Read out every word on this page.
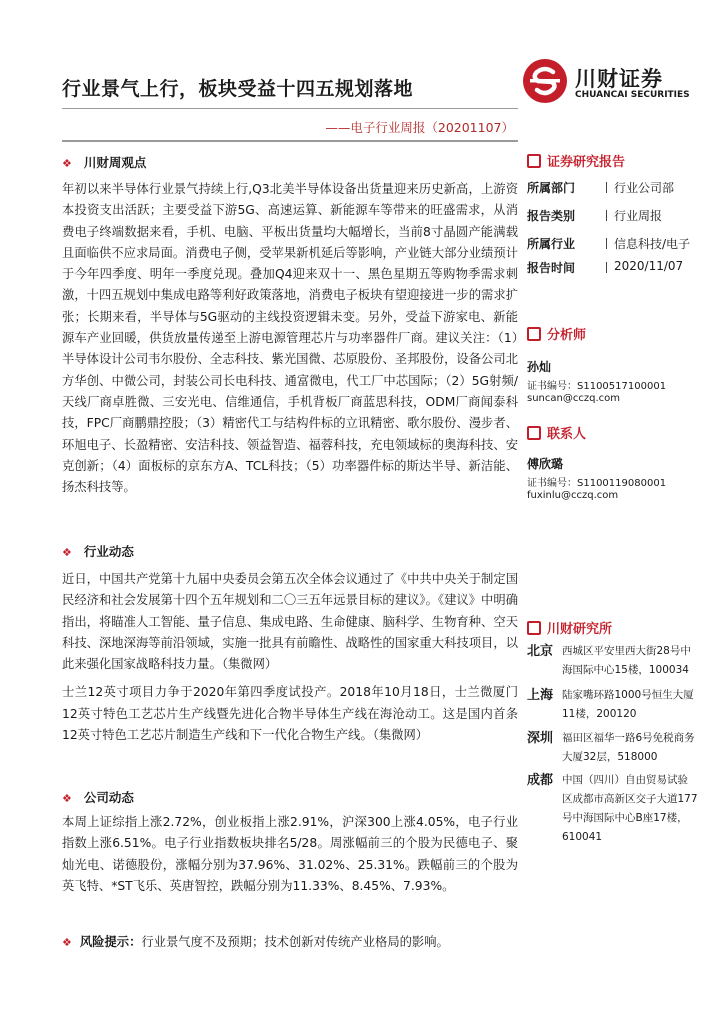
行业景气上行，板块受益十四五规划落地
——电子行业周报（20201107）
川财证券
CHUANCAI SECURITIES
❖ 川财周观点

年初以来半导体行业景气持续上行,Q3北美半导体设备出货量迎来历史新高，上游资本投资支出活跃；主要受益下游5G、高速运算、新能源车等带来的旺盛需求，从消费电子终端数据来看，手机、电脑、平板出货量均大幅增长，当前8寸晶圆产能满载且面临供不应求局面。消费电子侧，受苹果新机延后等影响，产业链大部分业绩预计于今年四季度、明年一季度兑现。叠加Q4迎来双十一、黑色星期五等购物季需求刺激，十四五规划中集成电路等利好政策落地，消费电子板块有望迎接进一步的需求扩张；长期来看，半导体与5G驱动的主线投资逻辑未变。另外，受益下游家电、新能源车产业回暖，供货放量传递至上游电源管理芯片与功率器件厂商。建议关注：（1）半导体设计公司韦尔股份、全志科技、紫光国微、芯原股份、圣邦股份，设备公司北方华创、中微公司，封装公司长电科技、通富微电，代工厂中芯国际；（2）5G射频/天线厂商卓胜微、三安光电、信维通信，手机背板厂商蓝思科技，ODM厂商闻泰科技，FPC厂商鹏鼎控股；（3）精密代工与结构件标的立讯精密、歌尔股份、漫步者、环旭电子、长盈精密、安洁科技、领益智造、福蓉科技，充电领域标的奥海科技、安克创新；（4）面板标的京东方A、TCL科技；（5）功率器件标的斯达半导、新洁能、扬杰科技等。

❖ 行业动态

近日，中国共产党第十九届中央委员会第五次全体会议通过了《中共中央关于制定国民经济和社会发展第十四个五年规划和二〇三五年远景目标的建议》。《建议》中明确指出，将瞄准人工智能、量子信息、集成电路、生命健康、脑科学、生物育种、空天科技、深地深海等前沿领域，实施一批具有前瞻性、战略性的国家重大科技项目，以此来强化国家战略科技力量。（集微网）

士兰12英寸项目力争于2020年第四季度试投产。2018年10月18日，士兰微厦门12英寸特色工艺芯片生产线暨先进化合物半导体生产线在海沧动工。这是国内首条12英寸特色工艺芯片制造生产线和下一代化合物生产线。（集微网）

❖ 公司动态

本周上证综指上涨2.72%，创业板指上涨2.91%，沪深300上涨4.05%，电子行业指数上涨6.51%。电子行业指数板块排名5/28。周涨幅前三的个股为民德电子、聚灿光电、诺德股份，涨幅分别为37.96%、31.02%、25.31%。跌幅前三的个股为英飞特、*ST飞乐、英唐智控，跌幅分别为11.33%、8.45%、7.93%。

❖ 风险提示：行业景气度不及预期；技术创新对传统产业格局的影响。
证券研究报告
所属部门	行业公司部
报告类别	行业周报
所属行业	信息科技/电子
报告时间	2020/11/07
分析师
孙灿
证书编号：S1100517100001
suncan@cczq.com
联系人
傅欣璐
证书编号：S1100119080001
fuxinlu@cczq.com
川财研究所
北京 西城区平安里西大街28号中海国际中心15楼，100034
上海 陆家嘴环路1000号恒生大厦11楼，200120
深圳 福田区福华一路6号免税商务大厦32层，518000
成都 中国（四川）自由贸易试验区成都市高新区交子大道177号中海国际中心B座17楼，610041
